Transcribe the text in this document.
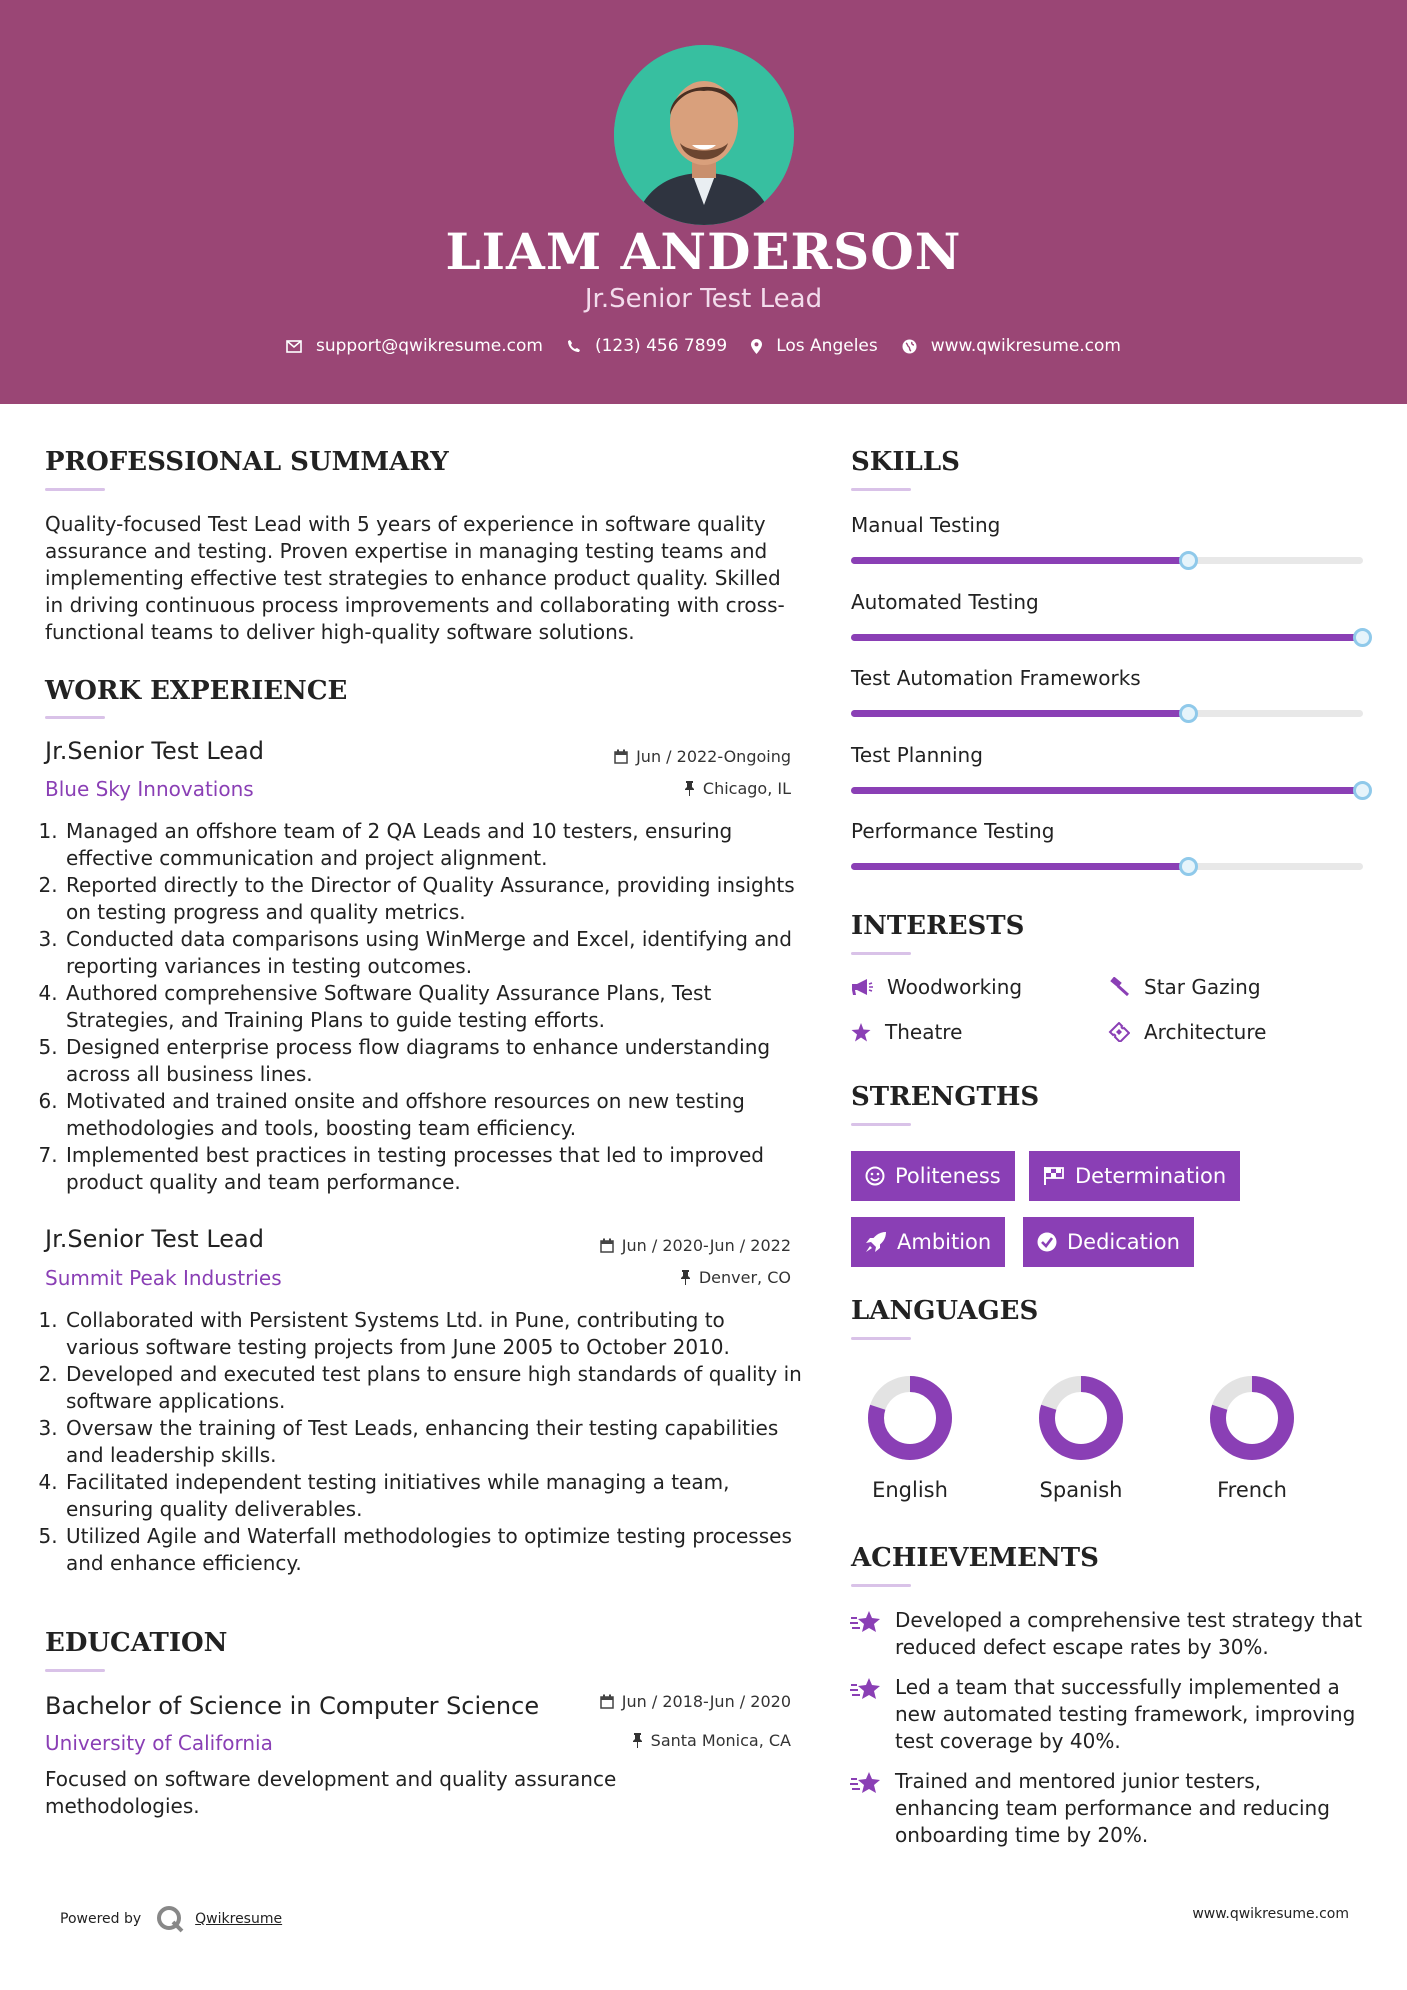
LIAM ANDERSON
Jr.Senior Test Lead
support@qwikresume.com	(123) 456 7899	Los Angeles	www.qwikresume.com
PROFESSIONAL SUMMARY
Quality-focused Test Lead with 5 years of experience in software quality assurance and testing. Proven expertise in managing testing teams and implementing effective test strategies to enhance product quality. Skilled in driving continuous process improvements and collaborating with cross-functional teams to deliver high-quality software solutions.
WORK EXPERIENCE
Jr.Senior Test Lead	Jun / 2022-Ongoing
Blue Sky Innovations	Chicago, IL
1. Managed an offshore team of 2 QA Leads and 10 testers, ensuring effective communication and project alignment.
2. Reported directly to the Director of Quality Assurance, providing insights on testing progress and quality metrics.
3. Conducted data comparisons using WinMerge and Excel, identifying and reporting variances in testing outcomes.
4. Authored comprehensive Software Quality Assurance Plans, Test Strategies, and Training Plans to guide testing efforts.
5. Designed enterprise process flow diagrams to enhance understanding across all business lines.
6. Motivated and trained onsite and offshore resources on new testing methodologies and tools, boosting team efficiency.
7. Implemented best practices in testing processes that led to improved product quality and team performance.
Jr.Senior Test Lead	Jun / 2020-Jun / 2022
Summit Peak Industries	Denver, CO
1. Collaborated with Persistent Systems Ltd. in Pune, contributing to various software testing projects from June 2005 to October 2010.
2. Developed and executed test plans to ensure high standards of quality in software applications.
3. Oversaw the training of Test Leads, enhancing their testing capabilities and leadership skills.
4. Facilitated independent testing initiatives while managing a team, ensuring quality deliverables.
5. Utilized Agile and Waterfall methodologies to optimize testing processes and enhance efficiency.
EDUCATION
Bachelor of Science in Computer Science	Jun / 2018-Jun / 2020
University of California	Santa Monica, CA
Focused on software development and quality assurance methodologies.
SKILLS
Manual Testing
Automated Testing
Test Automation Frameworks
Test Planning
Performance Testing
INTERESTS
Woodworking	Star Gazing
Theatre	Architecture
STRENGTHS
Politeness	Determination
Ambition	Dedication
LANGUAGES
English	Spanish	French
ACHIEVEMENTS
Developed a comprehensive test strategy that reduced defect escape rates by 30%.
Led a team that successfully implemented a new automated testing framework, improving test coverage by 40%.
Trained and mentored junior testers, enhancing team performance and reducing onboarding time by 20%.
Powered by	Qwikresume	www.qwikresume.com
